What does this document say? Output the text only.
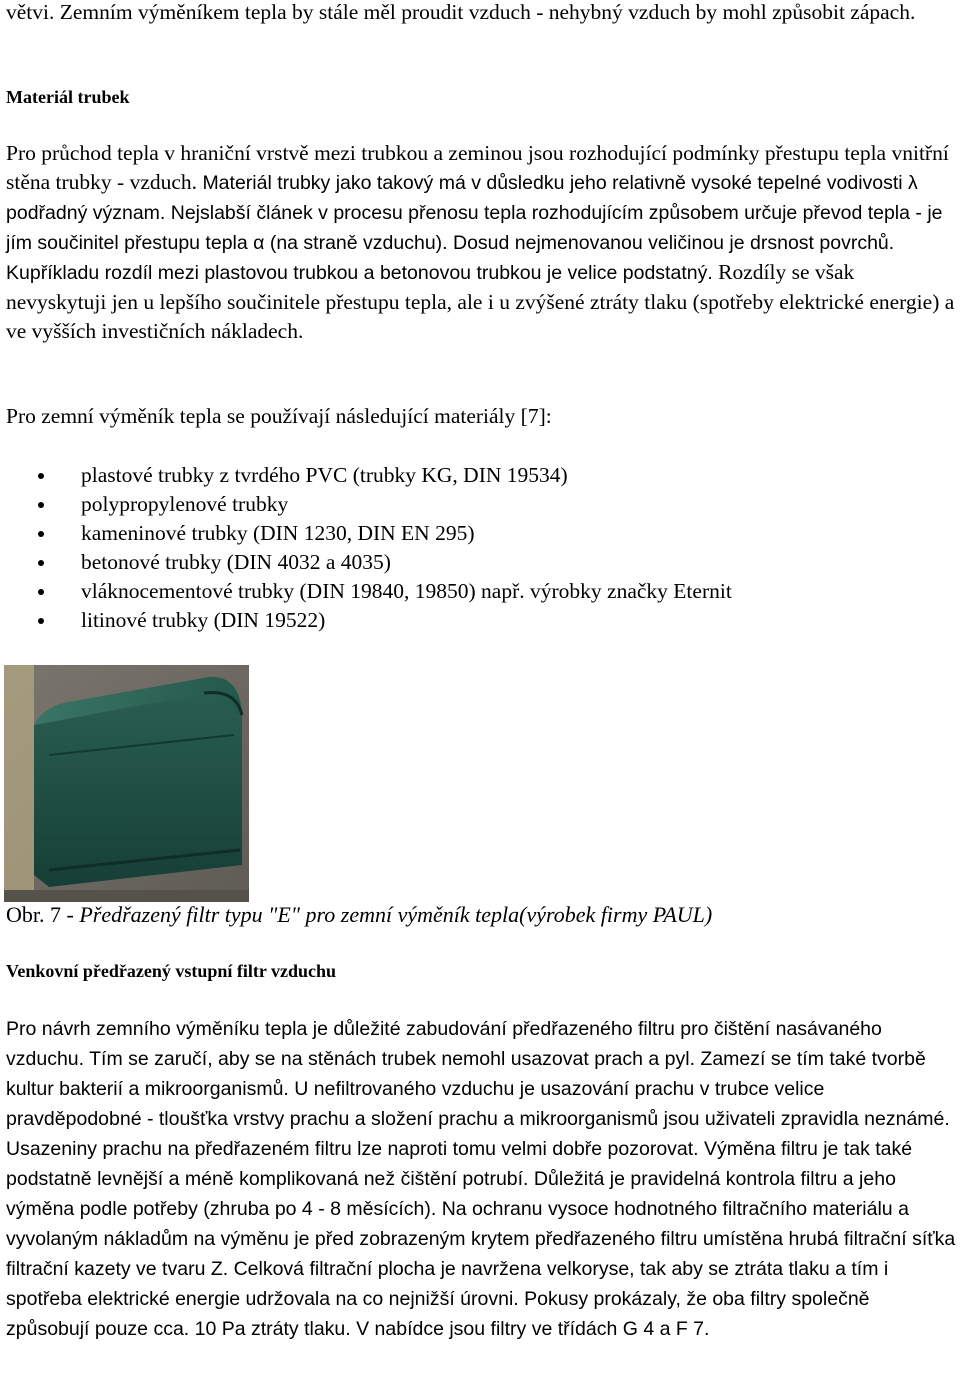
větvi. Zemním výměníkem tepla by stále měl proudit vzduch - nehybný vzduch by mohl způsobit zápach.

Materiál trubek

Pro průchod tepla v hraniční vrstvě mezi trubkou a zeminou jsou rozhodující podmínky přestupu tepla vnitřní stěna trubky - vzduch. Materiál trubky jako takový má v důsledku jeho relativně vysoké tepelné vodivosti λ podřadný význam. Nejslabší článek v procesu přenosu tepla rozhodujícím způsobem určuje převod tepla - je jím součinitel přestupu tepla α (na straně vzduchu). Dosud nejmenovanou veličinou je drsnost povrchů. Kupříkladu rozdíl mezi plastovou trubkou a betonovou trubkou je velice podstatný. Rozdíly se však nevyskytuji jen u lepšího součinitele přestupu tepla, ale i u zvýšené ztráty tlaku (spotřeby elektrické energie) a ve vyšších investičních nákladech.

Pro zemní výměník tepla se používají následující materiály [7]:

plastové trubky z tvrdého PVC (trubky KG, DIN 19534)
polypropylenové trubky
kameninové trubky (DIN 1230, DIN EN 295)
betonové trubky (DIN 4032 a 4035)
vláknocementové trubky (DIN 19840, 19850) např. výrobky značky Eternit
litinové trubky (DIN 19522)

Obr. 7 - Předřazený filtr typu "E" pro zemní výměník tepla(výrobek firmy PAUL)

Venkovní předřazený vstupní filtr vzduchu

Pro návrh zemního výměníku tepla je důležité zabudování předřazeného filtru pro čištění nasávaného vzduchu. Tím se zaručí, aby se na stěnách trubek nemohl usazovat prach a pyl. Zamezí se tím také tvorbě kultur bakterií a mikroorganismů. U nefiltrovaného vzduchu je usazování prachu v trubce velice pravděpodobné - tloušťka vrstvy prachu a složení prachu a mikroorganismů jsou uživateli zpravidla neznámé. Usazeniny prachu na předřazeném filtru lze naproti tomu velmi dobře pozorovat. Výměna filtru je tak také podstatně levnější a méně komplikovaná než čištění potrubí. Důležitá je pravidelná kontrola filtru a jeho výměna podle potřeby (zhruba po 4 - 8 měsících). Na ochranu vysoce hodnotného filtračního materiálu a vyvolaným nákladům na výměnu je před zobrazeným krytem předřazeného filtru umístěna hrubá filtrační síťka filtrační kazety ve tvaru Z. Celková filtrační plocha je navržena velkoryse, tak aby se ztráta tlaku a tím i spotřeba elektrické energie udržovala na co nejnižší úrovni. Pokusy prokázaly, že oba filtry společně způsobují pouze cca. 10 Pa ztráty tlaku. V nabídce jsou filtry ve třídách G 4 a F 7.
